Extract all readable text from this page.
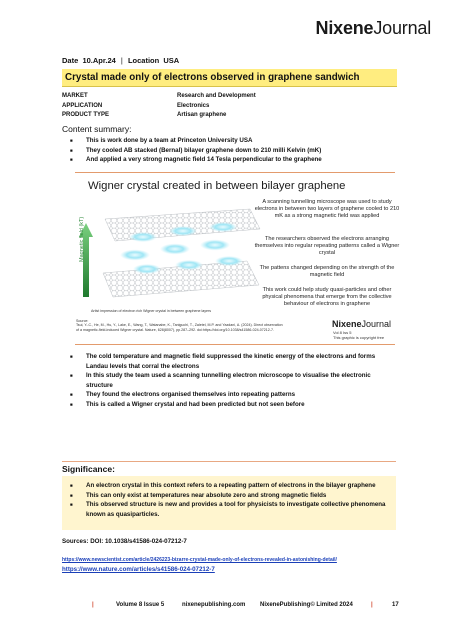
NixeneJournal
Date 10.Apr.24 | Location USA
Crystal made only of electrons observed in graphene sandwich
MARKET	Research and Development
APPLICATION	Electronics
PRODUCT TYPE	Artisan graphene
Content summary:
■ This is work done by a team at Princeton University USA
■ They cooled AB stacked (Bernal) bilayer graphene down to 210 milli Kelvin (mK)
■ And applied a very strong magnetic field 14 Tesla perpendicular to the graphene
Wigner crystal created in between bilayer graphene
Magnetic field (kT)
Artist impression of electron rich Wigner crystal in between graphene layers
A scanning tunnelling microscope was used to study electrons in between two layers of graphene cooled to 210 mK as a strong magnetic field was applied
The researchers observed the electrons arranging themselves into regular repeating patterns called a Wigner crystal
The pattens changed depending on the strength of the magnetic field
This work could help study quasi-particles and other physical phenomena that emerge from the collective behaviour of electrons in graphene
Source:
Tsui, Y.-C., He, M., Hu, Y., Lake, E., Wang, T., Watanabe, K., Taniguchi, T., Zaletel, M.P. and Yazdani, A. (2024). Direct observation of a magnetic-field-induced Wigner crystal. Nature, 628(8007), pp.287–292. doi:https://doi.org/10.1038/s41586-024-07212-7.
NixeneJournal
Vol 8 Iss 5
This graphic is copyright free
■ The cold temperature and magnetic field suppressed the kinetic energy of the electrons and forms Landau levels that corral the electrons
■ In this study the team used a scanning tunnelling electron microscope to visualise the electronic structure
■ They found the electrons organised themselves into repeating patterns
■ This is called a Wigner crystal and had been predicted but not seen before
Significance:
■ An electron crystal in this context refers to a repeating pattern of electrons in the bilayer graphene
■ This can only exist at temperatures near absolute zero and strong magnetic fields
■ This observed structure is new and provides a tool for physicists to investigate collective phenomena known as quasiparticles.
Sources: DOI: 10.1038/s41586-024-07212-7
https://www.newscientist.com/article/2426223-bizarre-crystal-made-only-of-electrons-revealed-in-astonishing-detail/
https://www.nature.com/articles/s41586-024-07212-7
|	Volume 8 Issue 5	nixenepublishing.com NixenePublishing© Limited 2024	|	17
